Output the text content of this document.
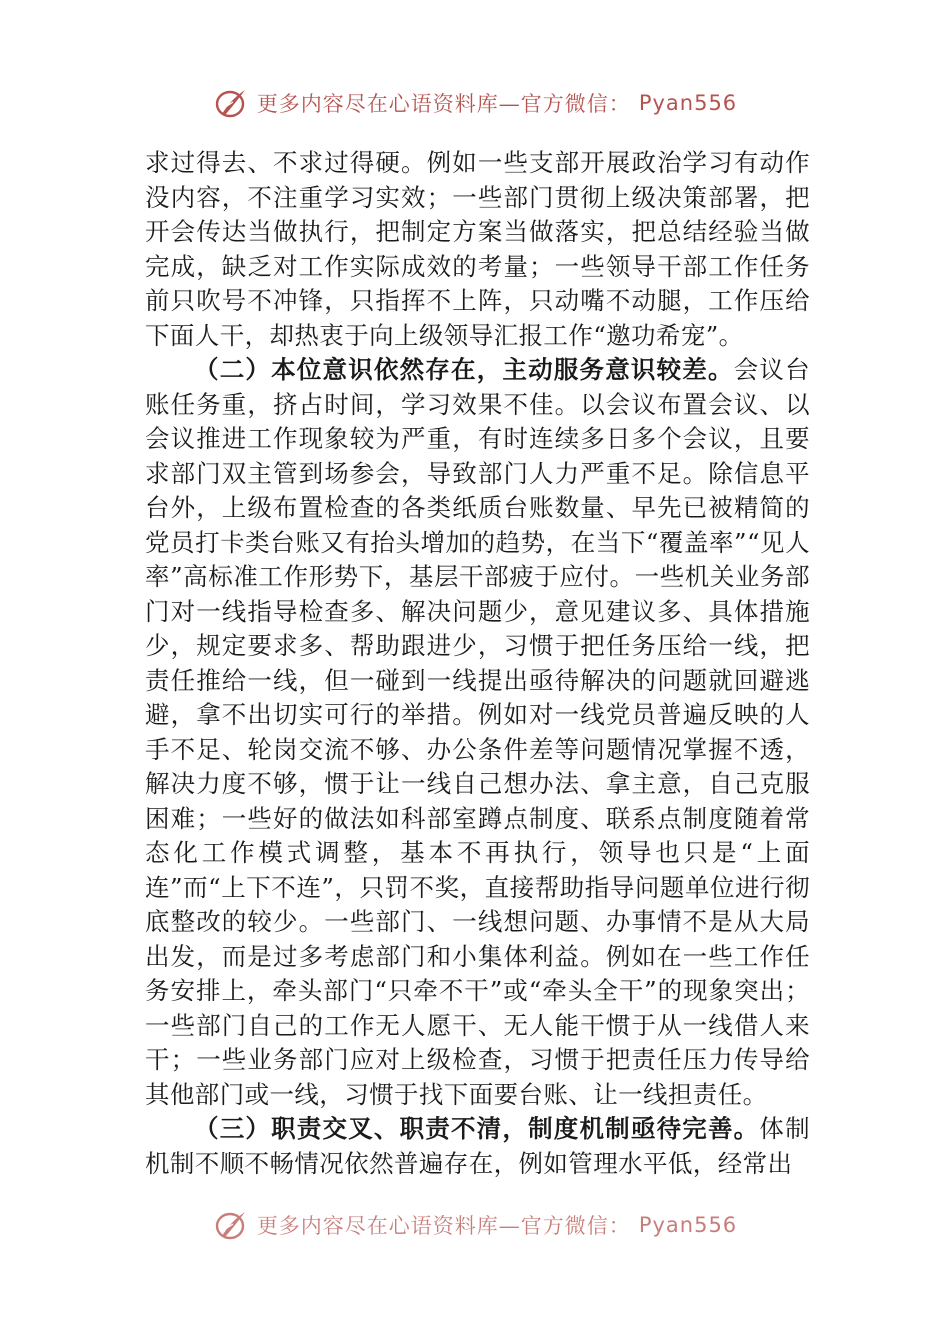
更多内容尽在心语资料库—官方微信： Pyan556

求过得去、不求过得硬。例如一些支部开展政治学习有动作没内容，不注重学习实效；一些部门贯彻上级决策部署，把开会传达当做执行，把制定方案当做落实，把总结经验当做完成，缺乏对工作实际成效的考量；一些领导干部工作任务前只吹号不冲锋，只指挥不上阵，只动嘴不动腿，工作压给下面人干，却热衷于向上级领导汇报工作“邀功希宠”。

（二）本位意识依然存在，主动服务意识较差。会议台账任务重，挤占时间，学习效果不佳。以会议布置会议、以会议推进工作现象较为严重，有时连续多日多个会议，且要求部门双主管到场参会，导致部门人力严重不足。除信息平台外，上级布置检查的各类纸质台账数量、早先已被精简的党员打卡类台账又有抬头增加的趋势，在当下“覆盖率”“见人率”高标准工作形势下，基层干部疲于应付。一些机关业务部门对一线指导检查多、解决问题少，意见建议多、具体措施少，规定要求多、帮助跟进少，习惯于把任务压给一线，把责任推给一线，但一碰到一线提出亟待解决的问题就回避逃避，拿不出切实可行的举措。例如对一线党员普遍反映的人手不足、轮岗交流不够、办公条件差等问题情况掌握不透，解决力度不够，惯于让一线自己想办法、拿主意，自己克服困难；一些好的做法如科部室蹲点制度、联系点制度随着常态化工作模式调整，基本不再执行，领导也只是“上面连”而“上下不连”，只罚不奖，直接帮助指导问题单位进行彻底整改的较少。一些部门、一线想问题、办事情不是从大局出发，而是过多考虑部门和小集体利益。例如在一些工作任务安排上，牵头部门“只牵不干”或“牵头全干”的现象突出；一些部门自己的工作无人愿干、无人能干惯于从一线借人来干；一些业务部门应对上级检查，习惯于把责任压力传导给其他部门或一线，习惯于找下面要台账、让一线担责任。

（三）职责交叉、职责不清，制度机制亟待完善。体制机制不顺不畅情况依然普遍存在，例如管理水平低，经常出

更多内容尽在心语资料库—官方微信： Pyan556
